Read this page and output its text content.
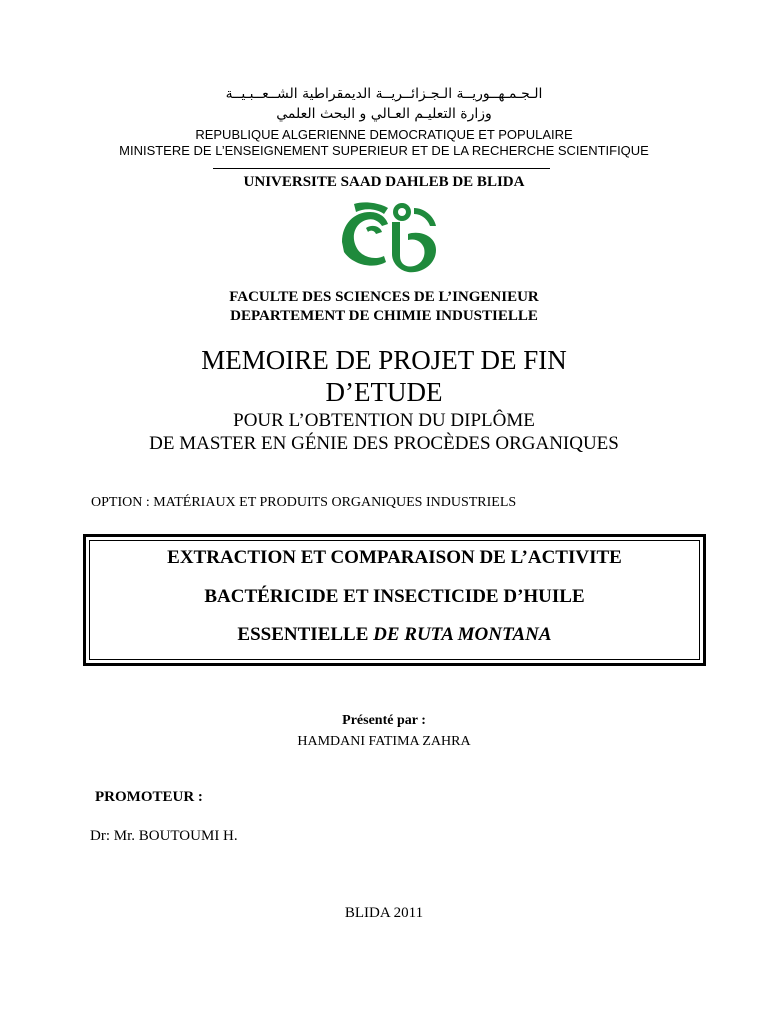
الـجـمـهــوريــة الـجـزائــريــة الديمقراطية الشــعــبـيــة
وزارة التعليـم العـالي و البحث العلمي
REPUBLIQUE ALGERIENNE DEMOCRATIQUE ET POPULAIRE
MINISTERE DE L’ENSEIGNEMENT SUPERIEUR ET DE LA RECHERCHE SCIENTIFIQUE
UNIVERSITE SAAD DAHLEB DE BLIDA
FACULTE DES SCIENCES DE L’INGENIEUR
DEPARTEMENT DE CHIMIE INDUSTIELLE
MEMOIRE DE PROJET DE FIN
D’ETUDE
POUR L’OBTENTION DU DIPLÔME
DE MASTER EN GÉNIE DES PROCÈDES ORGANIQUES
OPTION : MATÉRIAUX ET PRODUITS ORGANIQUES INDUSTRIELS
EXTRACTION ET COMPARAISON DE L’ACTIVITE
BACTÉRICIDE ET INSECTICIDE D’HUILE
ESSENTIELLE DE RUTA MONTANA
Présenté par :
HAMDANI FATIMA ZAHRA
PROMOTEUR :
Dr: Mr. BOUTOUMI H.
BLIDA 2011
